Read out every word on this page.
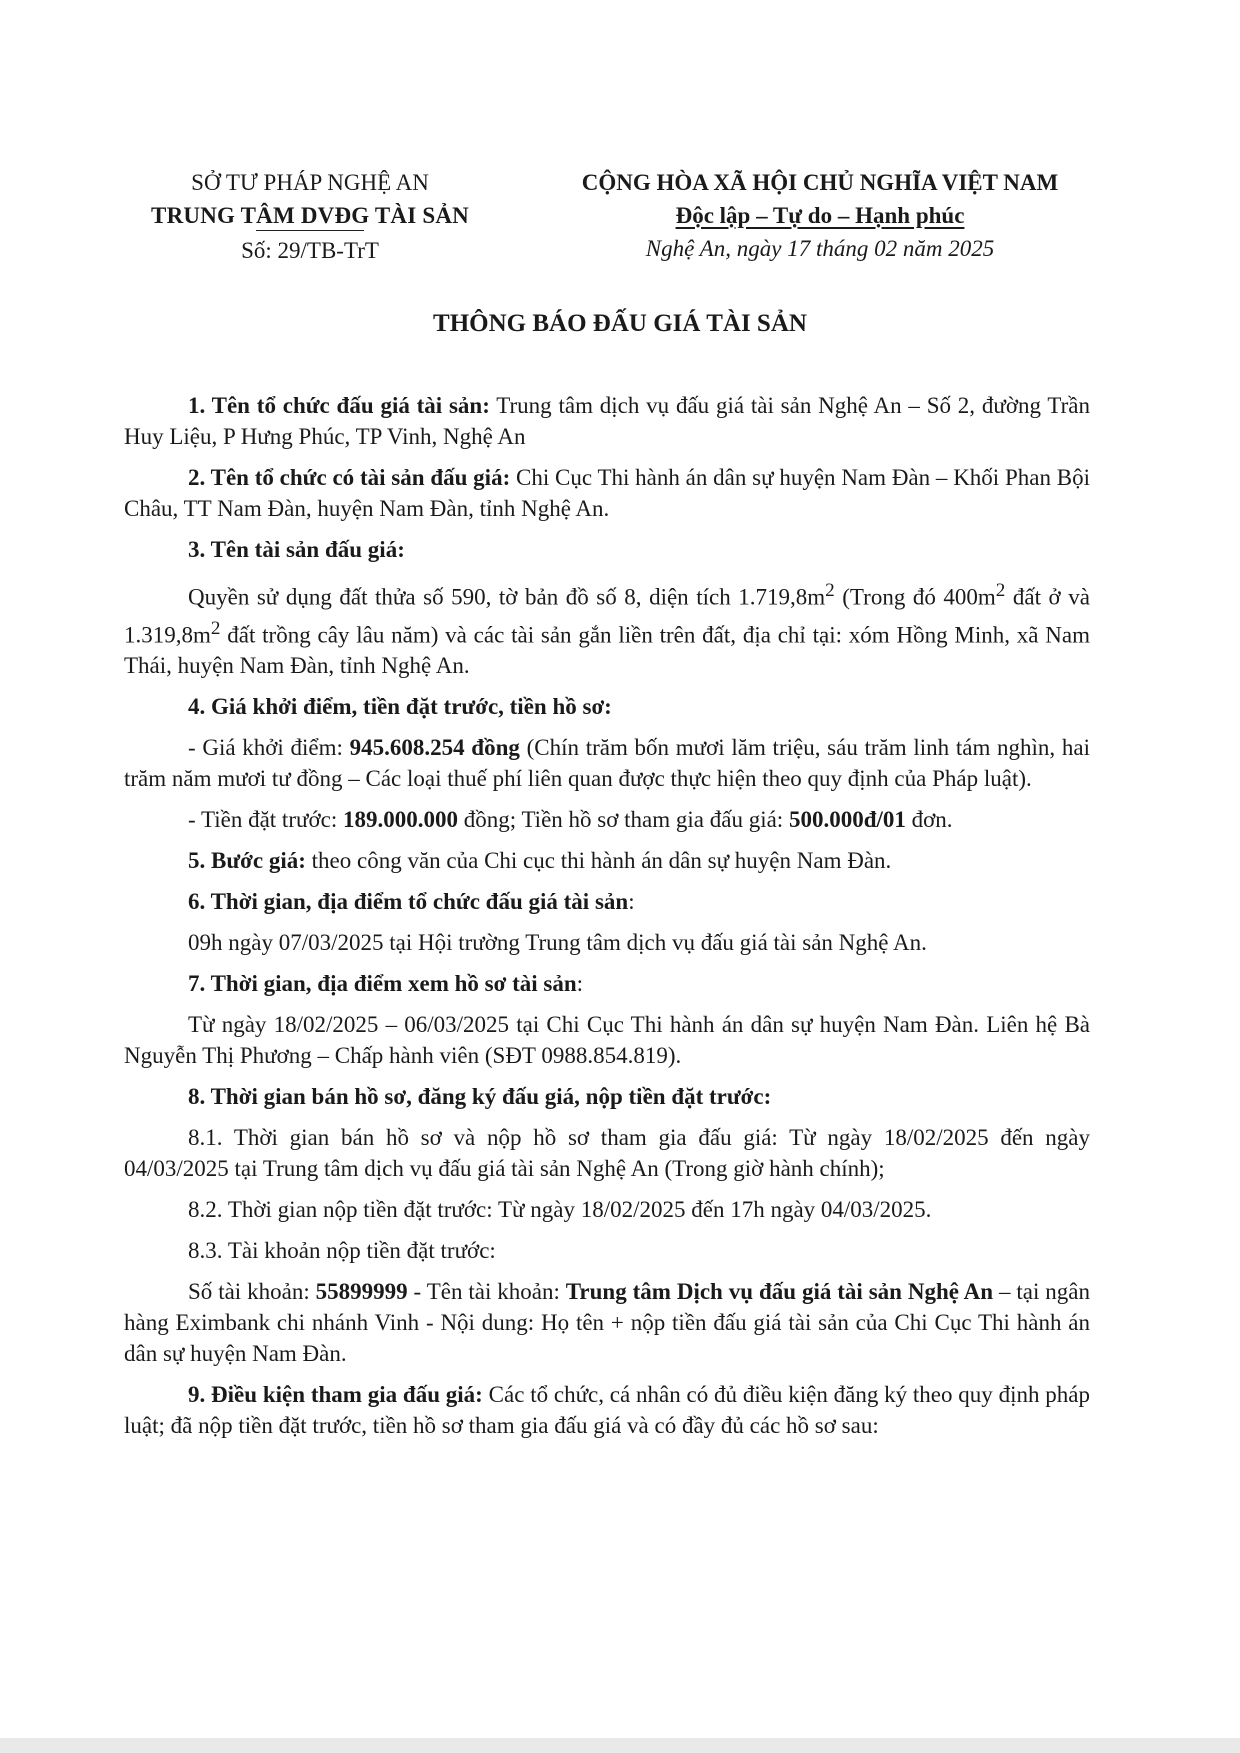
SỞ TƯ PHÁP NGHỆ AN
TRUNG TÂM DVĐG TÀI SẢN
Số: 29/TB-TrT
CỘNG HÒA XÃ HỘI CHỦ NGHĨA VIỆT NAM
Độc lập – Tự do – Hạnh phúc
Nghệ An, ngày 17 tháng 02 năm 2025
THÔNG BÁO ĐẤU GIÁ TÀI SẢN

1. Tên tổ chức đấu giá tài sản: Trung tâm dịch vụ đấu giá tài sản Nghệ An – Số 2, đường Trần Huy Liệu, P Hưng Phúc, TP Vinh, Nghệ An

2. Tên tổ chức có tài sản đấu giá: Chi Cục Thi hành án dân sự huyện Nam Đàn – Khối Phan Bội Châu, TT Nam Đàn, huyện Nam Đàn, tỉnh Nghệ An.

3. Tên tài sản đấu giá:

Quyền sử dụng đất thửa số 590, tờ bản đồ số 8, diện tích $1.719,8m^2$ (Trong đó $400m^2$ đất ở và $1.319,8m^2$ đất trồng cây lâu năm) và các tài sản gắn liền trên đất, địa chỉ tại: xóm Hồng Minh, xã Nam Thái, huyện Nam Đàn, tỉnh Nghệ An.

4. Giá khởi điểm, tiền đặt trước, tiền hồ sơ:

- Giá khởi điểm: 945.608.254 đồng (Chín trăm bốn mươi lăm triệu, sáu trăm linh tám nghìn, hai trăm năm mươi tư đồng – Các loại thuế phí liên quan được thực hiện theo quy định của Pháp luật).

- Tiền đặt trước: 189.000.000 đồng; Tiền hồ sơ tham gia đấu giá: 500.000đ/01 đơn.

5. Bước giá: theo công văn của Chi cục thi hành án dân sự huyện Nam Đàn.

6. Thời gian, địa điểm tổ chức đấu giá tài sản:

09h ngày 07/03/2025 tại Hội trường Trung tâm dịch vụ đấu giá tài sản Nghệ An.

7. Thời gian, địa điểm xem hồ sơ tài sản:

Từ ngày 18/02/2025 – 06/03/2025 tại Chi Cục Thi hành án dân sự huyện Nam Đàn. Liên hệ Bà Nguyễn Thị Phương – Chấp hành viên (SĐT 0988.854.819).

8. Thời gian bán hồ sơ, đăng ký đấu giá, nộp tiền đặt trước:

8.1. Thời gian bán hồ sơ và nộp hồ sơ tham gia đấu giá: Từ ngày 18/02/2025 đến ngày 04/03/2025 tại Trung tâm dịch vụ đấu giá tài sản Nghệ An (Trong giờ hành chính);

8.2. Thời gian nộp tiền đặt trước: Từ ngày 18/02/2025 đến 17h ngày 04/03/2025.

8.3. Tài khoản nộp tiền đặt trước:

Số tài khoản: 55899999 - Tên tài khoản: Trung tâm Dịch vụ đấu giá tài sản Nghệ An – tại ngân hàng Eximbank chi nhánh Vinh - Nội dung: Họ tên + nộp tiền đấu giá tài sản của Chi Cục Thi hành án dân sự huyện Nam Đàn.

9. Điều kiện tham gia đấu giá: Các tổ chức, cá nhân có đủ điều kiện đăng ký theo quy định pháp luật; đã nộp tiền đặt trước, tiền hồ sơ tham gia đấu giá và có đầy đủ các hồ sơ sau:
